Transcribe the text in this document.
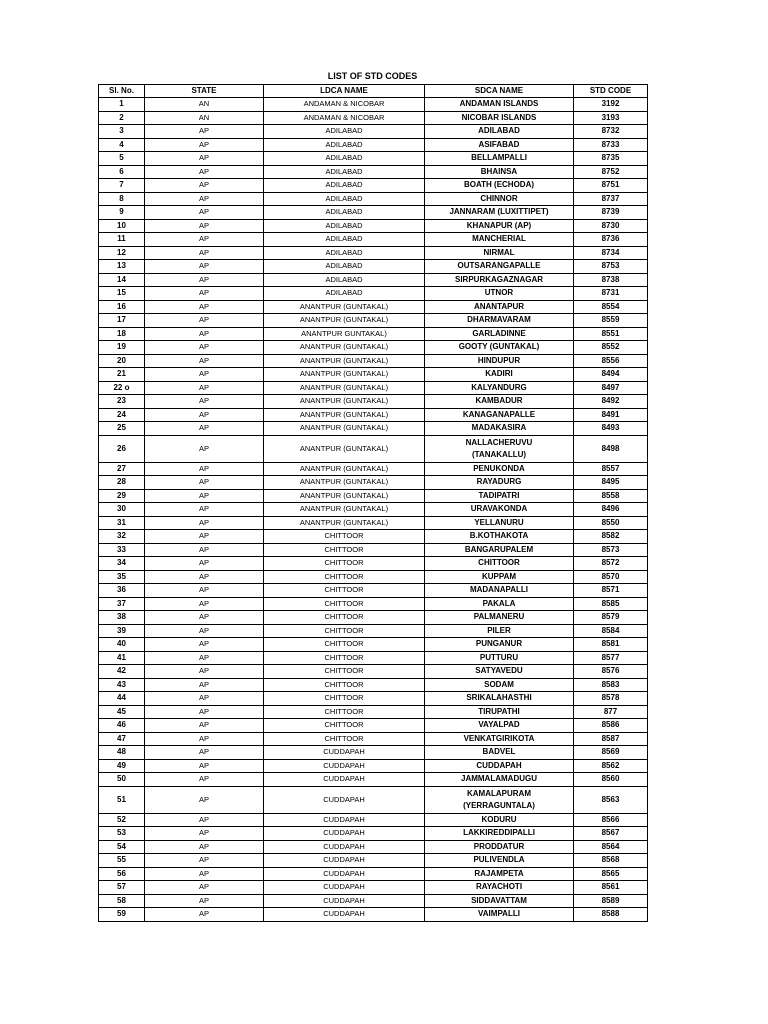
LIST OF STD CODES
Sl. No.	STATE	LDCA NAME	SDCA NAME	STD CODE
1	AN	ANDAMAN & NICOBAR	ANDAMAN ISLANDS	3192
2	AN	ANDAMAN & NICOBAR	NICOBAR ISLANDS	3193
3	AP	ADILABAD	ADILABAD	8732
4	AP	ADILABAD	ASIFABAD	8733
5	AP	ADILABAD	BELLAMPALLI	8735
6	AP	ADILABAD	BHAINSA	8752
7	AP	ADILABAD	BOATH (ECHODA)	8751
8	AP	ADILABAD	CHINNOR	8737
9	AP	ADILABAD	JANNARAM (LUXITTIPET)	8739
10	AP	ADILABAD	KHANAPUR (AP)	8730
11	AP	ADILABAD	MANCHERIAL	8736
12	AP	ADILABAD	NIRMAL	8734
13	AP	ADILABAD	OUTSARANGAPALLE	8753
14	AP	ADILABAD	SIRPURKAGAZNAGAR	8738
15	AP	ADILABAD	UTNOR	8731
16	AP	ANANTPUR (GUNTAKAL)	ANANTAPUR	8554
17	AP	ANANTPUR (GUNTAKAL)	DHARMAVARAM	8559
18	AP	ANANTPUR GUNTAKAL)	GARLADINNE	8551
19	AP	ANANTPUR (GUNTAKAL)	GOOTY (GUNTAKAL)	8552
20	AP	ANANTPUR (GUNTAKAL)	HINDUPUR	8556
21	AP	ANANTPUR (GUNTAKAL)	KADIRI	8494
22 o	AP	ANANTPUR (GUNTAKAL)	KALYANDURG	8497
23	AP	ANANTPUR (GUNTAKAL)	KAMBADUR	8492
24	AP	ANANTPUR (GUNTAKAL)	KANAGANAPALLE	8491
25	AP	ANANTPUR (GUNTAKAL)	MADAKASIRA	8493
26	AP	ANANTPUR (GUNTAKAL)	NALLACHERUVU
(TANAKALLU)	8498
27	AP	ANANTPUR (GUNTAKAL)	PENUKONDA	8557
28	AP	ANANTPUR (GUNTAKAL)	RAYADURG	8495
29	AP	ANANTPUR (GUNTAKAL)	TADIPATRI	8558
30	AP	ANANTPUR (GUNTAKAL)	URAVAKONDA	8496
31	AP	ANANTPUR (GUNTAKAL)	YELLANURU	8550
32	AP	CHITTOOR	B.KOTHAKOTA	8582
33	AP	CHITTOOR	BANGARUPALEM	8573
34	AP	CHITTOOR	CHITTOOR	8572
35	AP	CHITTOOR	KUPPAM	8570
36	AP	CHITTOOR	MADANAPALLI	8571
37	AP	CHITTOOR	PAKALA	8585
38	AP	CHITTOOR	PALMANERU	8579
39	AP	CHITTOOR	PILER	8584
40	AP	CHITTOOR	PUNGANUR	8581
41	AP	CHITTOOR	PUTTURU	8577
42	AP	CHITTOOR	SATYAVEDU	8576
43	AP	CHITTOOR	SODAM	8583
44	AP	CHITTOOR	SRIKALAHASTHI	8578
45	AP	CHITTOOR	TIRUPATHI	877
46	AP	CHITTOOR	VAYALPAD	8586
47	AP	CHITTOOR	VENKATGIRIKOTA	8587
48	AP	CUDDAPAH	BADVEL	8569
49	AP	CUDDAPAH	CUDDAPAH	8562
50	AP	CUDDAPAH	JAMMALAMADUGU	8560
51	AP	CUDDAPAH	KAMALAPURAM
(YERRAGUNTALA)	8563
52	AP	CUDDAPAH	KODURU	8566
53	AP	CUDDAPAH	LAKKIREDDIPALLI	8567
54	AP	CUDDAPAH	PRODDATUR	8564
55	AP	CUDDAPAH	PULIVENDLA	8568
56	AP	CUDDAPAH	RAJAMPETA	8565
57	AP	CUDDAPAH	RAYACHOTI	8561
58	AP	CUDDAPAH	SIDDAVATTAM	8589
59	AP	CUDDAPAH	VAIMPALLI	8588
